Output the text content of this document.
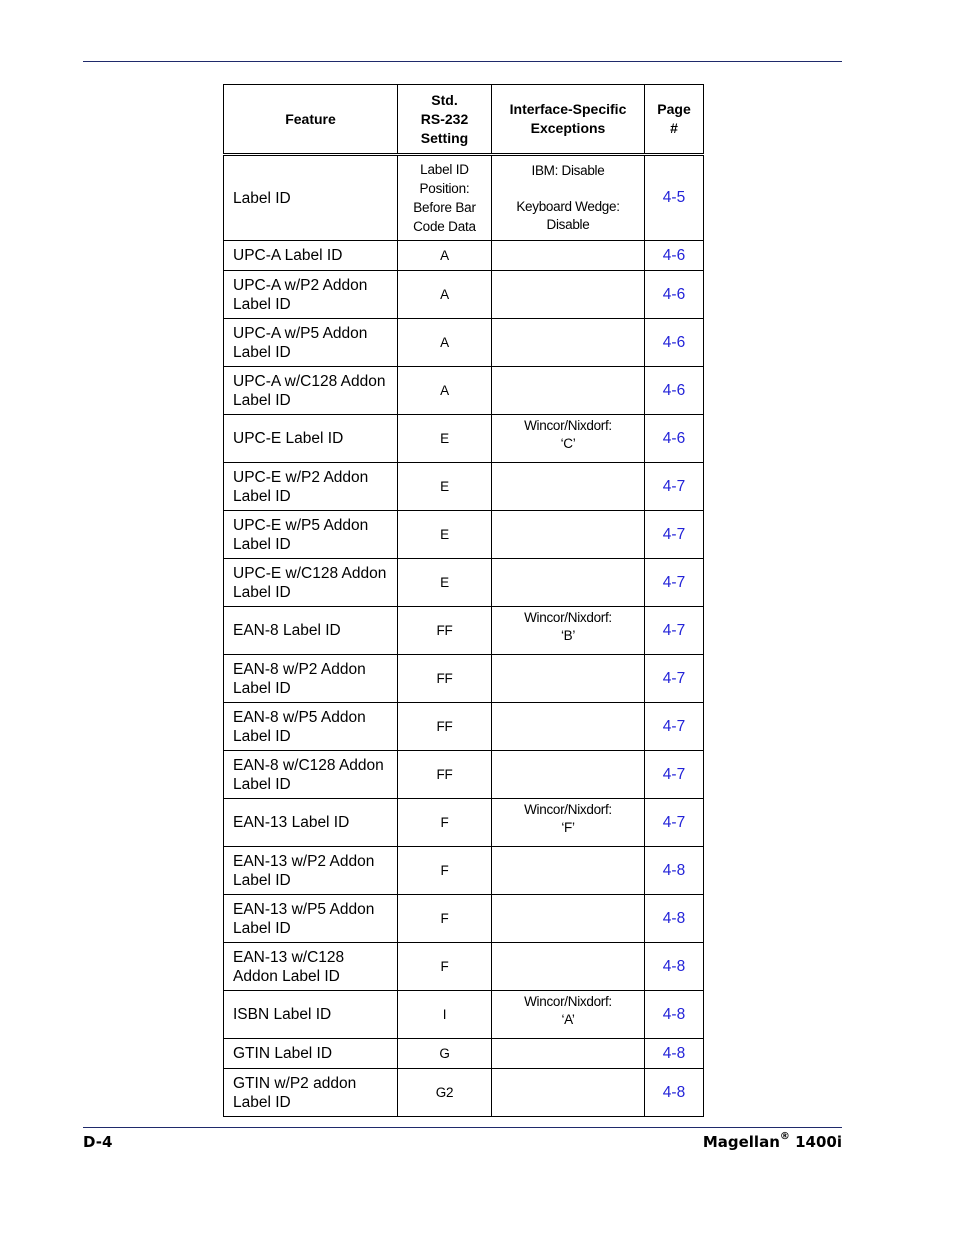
Feature	Std.
RS-232
Setting	Interface-Specific
Exceptions	Page
#

Label ID	Label ID
Position:
Before Bar
Code Data	IBM: Disable

Keyboard Wedge:
Disable	4-5

UPC-A Label ID	A		4-6

UPC-A w/P2 Addon
Label ID	A		4-6

UPC-A w/P5 Addon
Label ID	A		4-6

UPC-A w/C128 Addon
Label ID	A		4-6

UPC-E Label ID	E	Wincor/Nixdorf:
‘C’	4-6

UPC-E w/P2 Addon
Label ID	E		4-7

UPC-E w/P5 Addon
Label ID	E		4-7

UPC-E w/C128 Addon
Label ID	E		4-7

EAN-8 Label ID	FF	Wincor/Nixdorf:
‘B’	4-7

EAN-8 w/P2 Addon
Label ID	FF		4-7

EAN-8 w/P5 Addon
Label ID	FF		4-7

EAN-8 w/C128 Addon
Label ID	FF		4-7

EAN-13 Label ID	F	Wincor/Nixdorf:
‘F’	4-7

EAN-13 w/P2 Addon
Label ID	F		4-8

EAN-13 w/P5 Addon
Label ID	F		4-8

EAN-13 w/C128
Addon Label ID	F		4-8

ISBN Label ID	I	Wincor/Nixdorf:
‘A’	4-8

GTIN Label ID	G		4-8

GTIN w/P2 addon
Label ID	G2		4-8
D-4	Magellan® 1400i
